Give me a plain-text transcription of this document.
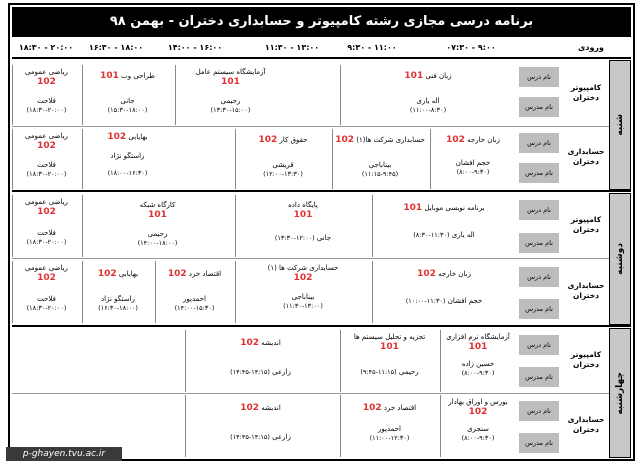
برنامه درسی مجازی رشته کامپیوتر و حسابداری دختران - بهمن ۹۸
ورودی
۰۷:۳۰ - ۹:۰۰
۹:۳۰ - ۱۱:۰۰
۱۱:۳۰ - ۱۳:۰۰
۱۴:۰۰ - ۱۶:۰۰
۱۶:۳۰ - ۱۸:۰۰
۱۸:۳۰ - ۲۰:۰۰
شنبه
کامپیوتر دختران
نام درس
نام مدرس
زبان فنی 101
اله یاری
(۱۱:۰۰-۸:۳۰)
آزمایشگاه سیستم عامل
101
رحیمی
(۱۳:۳۰-۱۵:۰۰)
طراحی وب 101
جانی
(۱۵:۳۰-۱۸:۰۰)
ریاضی عمومی
102
فلاحت
(۱۸:۳۰-۲۰:۰۰)
حسابداری دختران
نام درس
نام مدرس
زبان خارجه 102
خجم افشان
(۸:۰۰-۹:۳۰)
حسابداری شرکت ها(۱) 102
بیناباجی
(۱۱:۱۵-۹:۴۵)
حقوق کار 102
قریشی
(۱۲:۰۰-۱۳:۳۰)
بهایابی 102
راستگو نژاد
(۱۸:۰۰-۱۶:۳۰)
ریاضی عمومی
102
فلاحت
(۱۸:۳۰-۲۰:۰۰)
دوشنبه
کامپیوتر دختران
نام درس
نام مدرس
برنامه نویسی موبایل 101
اله یاری (۱۱:۳۰-۸:۳۰)
پایگاه داده
101
جانی (۱۲:۰۰-۱۳:۳۰)
کارگاه شبکه
101
رحیمی
(۱۴:۰۰-۱۸:۰۰)
ریاضی عمومی
102
فلاحت
(۱۸:۳۰-۲۰:۰۰)
حسابداری دختران
نام درس
نام مدرس
زبان خارجه 102
خجم افشان (۱۱:۳۰-۱۰:۰۰)
حسابداری شرکت ها (۱)
102
بیناباجی
(۱۱:۳۰-۱۳:۰۰)
اقتصاد خرد 102
احمدپور
(۱۴:۰۰-۱۵:۳۰)
بهایابی 102
راستگو نژاد
(۱۶:۳۰-۱۸:۰۰)
ریاضی عمومی
102
فلاحت
(۱۸:۳۰-۲۰:۰۰)
چهارشنبه
کامپیوتر دختران
نام درس
نام مدرس
آزمایشگاه نرم افزاری
101
حسین زاده
(۸:۰۰-۹:۳۰)
تجزیه و تحلیل سیستم ها
101
رحیمی (۱۱:۱۵-۹:۴۵)
اندیشه 102
زارعی (۱۴:۱۵-۱۴:۴۵)
حسابداری دختران
نام درس
نام مدرس
بورس و اوراق بهادار
102
سنجری
(۸:۰۰-۹:۳۰)
اقتصاد خرد 102
احمدپور
(۱۱:۰۰-۱۲:۳۰)
اندیشه 102
زارعی (۱۴:۱۵-۱۴:۴۵)
p-ghayen.tvu.ac.ir
